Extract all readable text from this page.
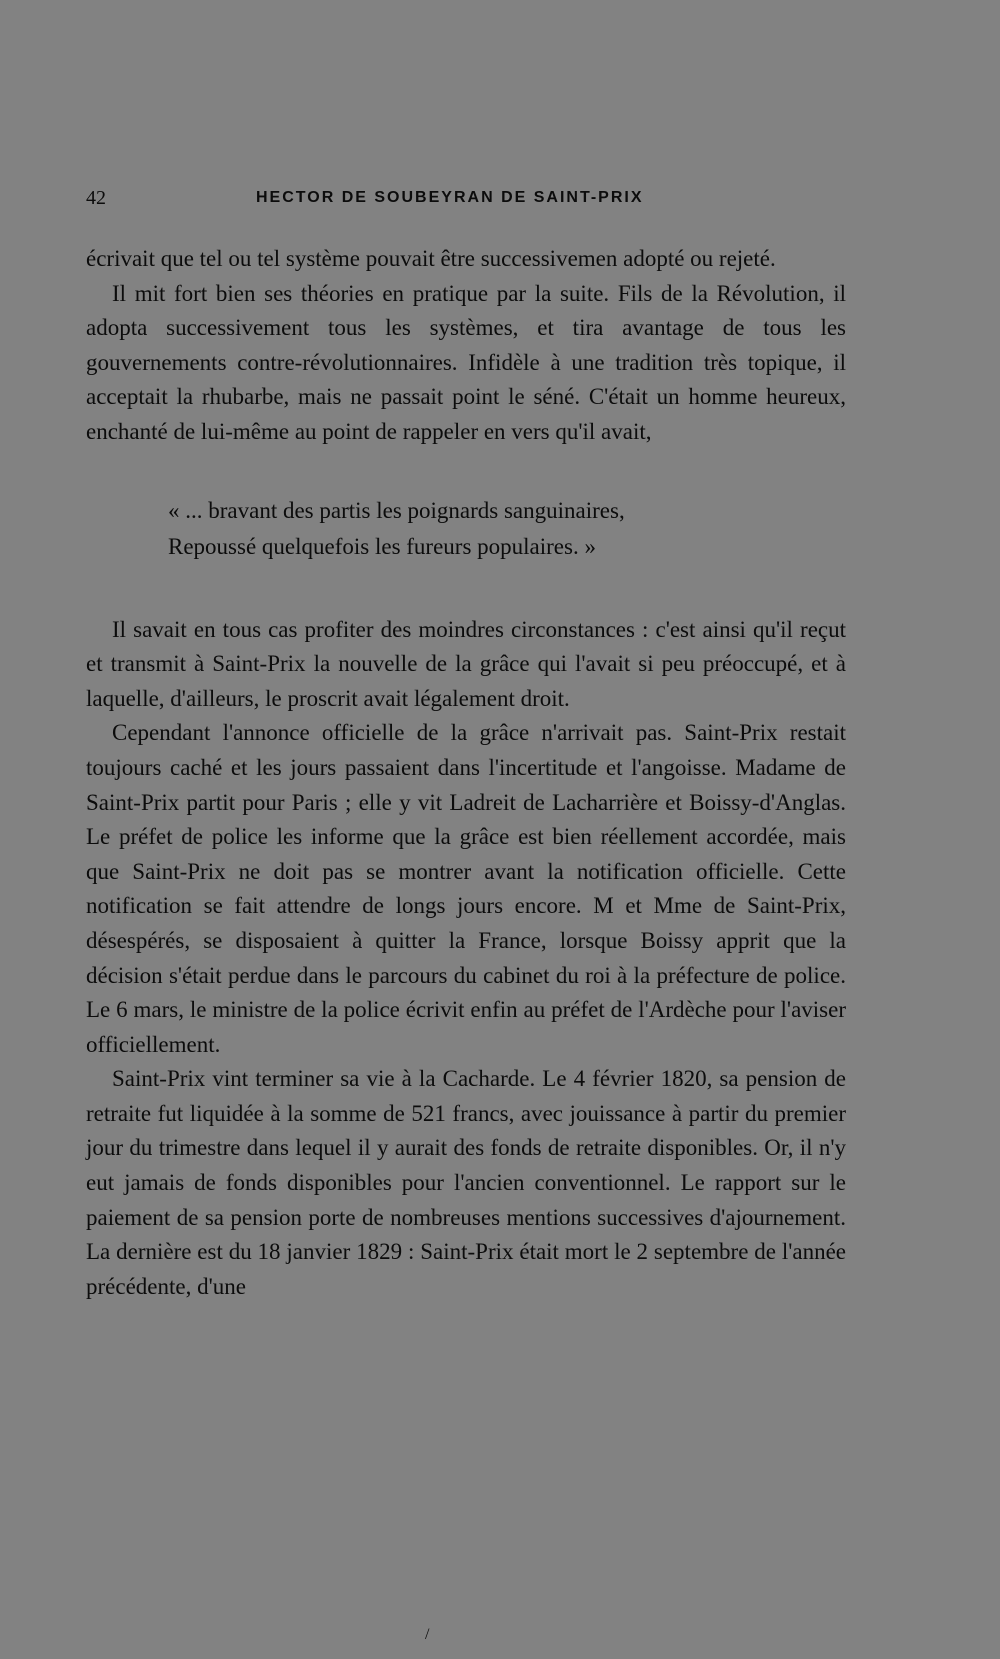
42	HECTOR DE SOUBEYRAN DE SAINT-PRIX

écrivait que tel ou tel système pouvait être successivemen adopté ou rejeté.

Il mit fort bien ses théories en pratique par la suite. Fils de la Révolution, il adopta successivement tous les systèmes, et tira avantage de tous les gouvernements contre-révolutionnaires. Infidèle à une tradition très topique, il acceptait la rhubarbe, mais ne passait point le séné. C'était un homme heureux, enchanté de lui-même au point de rappeler en vers qu'il avait,

« ... bravant des partis les poignards sanguinaires,
Repoussé quelquefois les fureurs populaires. »

Il savait en tous cas profiter des moindres circonstances : c'est ainsi qu'il reçut et transmit à Saint-Prix la nouvelle de la grâce qui l'avait si peu préoccupé, et à laquelle, d'ailleurs, le proscrit avait légalement droit.

Cependant l'annonce officielle de la grâce n'arrivait pas. Saint-Prix restait toujours caché et les jours passaient dans l'incertitude et l'angoisse. Madame de Saint-Prix partit pour Paris ; elle y vit Ladreit de Lacharrière et Boissy-d'Anglas. Le préfet de police les informe que la grâce est bien réellement accordée, mais que Saint-Prix ne doit pas se montrer avant la notification officielle. Cette notification se fait attendre de longs jours encore. M et Mme de Saint-Prix, désespérés, se disposaient à quitter la France, lorsque Boissy apprit que la décision s'était perdue dans le parcours du cabinet du roi à la préfecture de police. Le 6 mars, le ministre de la police écrivit enfin au préfet de l'Ardèche pour l'aviser officiellement.

Saint-Prix vint terminer sa vie à la Cacharde. Le 4 février 1820, sa pension de retraite fut liquidée à la somme de 521 francs, avec jouissance à partir du premier jour du trimestre dans lequel il y aurait des fonds de retraite disponibles. Or, il n'y eut jamais de fonds disponibles pour l'ancien conventionnel. Le rapport sur le paiement de sa pension porte de nombreuses mentions successives d'ajournement. La dernière est du 18 janvier 1829 : Saint-Prix était mort le 2 septembre de l'année précédente, d'une

/
